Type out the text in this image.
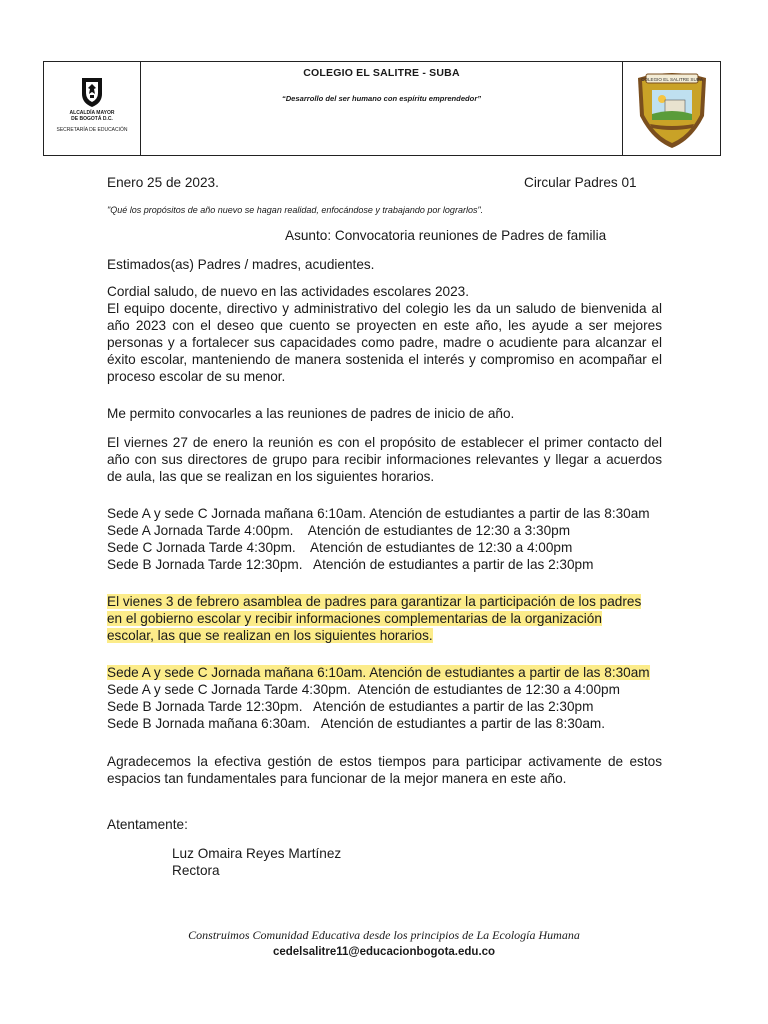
ALCALDÍA MAYOR
DE BOGOTÁ D.C.
SECRETARÍA DE EDUCACIÓN
COLEGIO EL SALITRE - SUBA
“Desarrollo del ser humano con espíritu emprendedor”
COLEGIO EL SALITRE SUBA
Enero 25 de 2023.	Circular Padres 01
"Qué los propósitos de año nuevo se hagan realidad, enfocándose y trabajando por lograrlos".
Asunto: Convocatoria reuniones de Padres de familia
Estimados(as) Padres / madres, acudientes.
Cordial saludo, de nuevo en las actividades escolares 2023.
El equipo docente, directivo y administrativo del colegio les da un saludo de bienvenida al año 2023 con el deseo que cuento se proyecten en este año, les ayude a ser mejores personas y a fortalecer sus capacidades como padre, madre o acudiente para alcanzar el éxito escolar, manteniendo de manera sostenida el interés y compromiso en acompañar el proceso escolar de su menor.
Me permito convocarles a las reuniones de padres de inicio de año.
El viernes 27 de enero la reunión es con el propósito de establecer el primer contacto del año con sus directores de grupo para recibir informaciones relevantes y llegar a acuerdos de aula, las que se realizan en los siguientes horarios.
Sede A y sede C Jornada mañana 6:10am. Atención de estudiantes a partir de las 8:30am
Sede A Jornada Tarde 4:00pm.    Atención de estudiantes de 12:30 a 3:30pm
Sede C Jornada Tarde 4:30pm.    Atención de estudiantes de 12:30 a 4:00pm
Sede B Jornada Tarde 12:30pm.   Atención de estudiantes a partir de las 2:30pm
El vienes 3 de febrero asamblea de padres para garantizar la participación de los padres
en el gobierno escolar y recibir informaciones complementarias de la organización
escolar, las que se realizan en los siguientes horarios.
Sede A y sede C Jornada mañana 6:10am. Atención de estudiantes a partir de las 8:30am
Sede A y sede C Jornada Tarde 4:30pm.  Atención de estudiantes de 12:30 a 4:00pm
Sede B Jornada Tarde 12:30pm.   Atención de estudiantes a partir de las 2:30pm
Sede B Jornada mañana 6:30am.   Atención de estudiantes a partir de las 8:30am.
Agradecemos la efectiva gestión de estos tiempos para participar activamente de estos espacios tan fundamentales para funcionar de la mejor manera en este año.
Atentamente:
Luz Omaira Reyes Martínez
Rectora
Construimos Comunidad Educativa desde los principios de La Ecología Humana
cedelsalitre11@educacionbogota.edu.co
